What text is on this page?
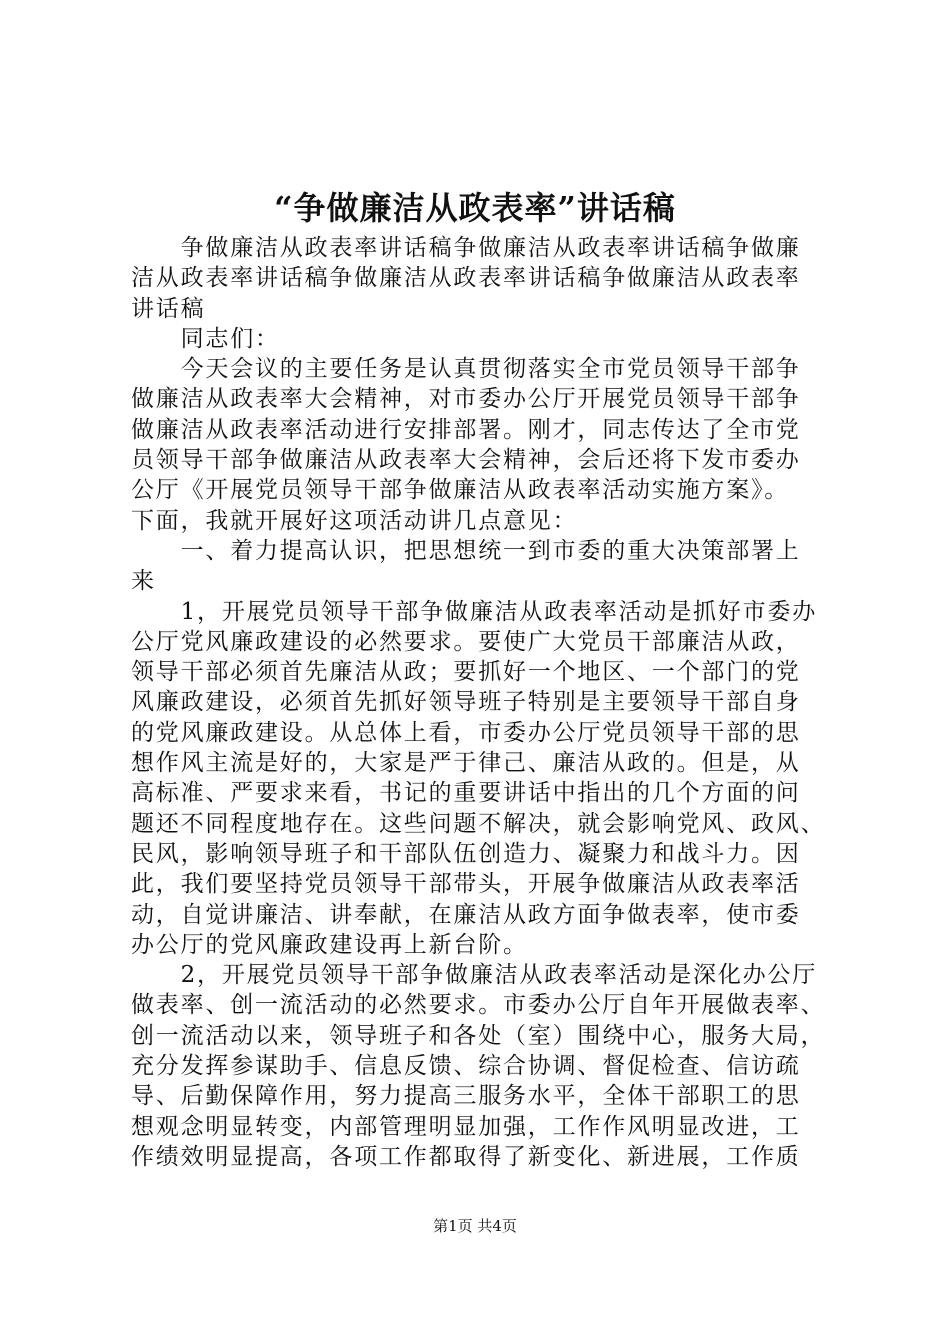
“争做廉洁从政表率”讲话稿
　　争做廉洁从政表率讲话稿争做廉洁从政表率讲话稿争做廉
洁从政表率讲话稿争做廉洁从政表率讲话稿争做廉洁从政表率
讲话稿
　　同志们：
　　今天会议的主要任务是认真贯彻落实全市党员领导干部争
做廉洁从政表率大会精神，对市委办公厅开展党员领导干部争
做廉洁从政表率活动进行安排部署。刚才，同志传达了全市党
员领导干部争做廉洁从政表率大会精神，会后还将下发市委办
公厅《开展党员领导干部争做廉洁从政表率活动实施方案》。
下面，我就开展好这项活动讲几点意见：
　　一、着力提高认识，把思想统一到市委的重大决策部署上
来
　　1，开展党员领导干部争做廉洁从政表率活动是抓好市委办
公厅党风廉政建设的必然要求。要使广大党员干部廉洁从政，
领导干部必须首先廉洁从政；要抓好一个地区、一个部门的党
风廉政建设，必须首先抓好领导班子特别是主要领导干部自身
的党风廉政建设。从总体上看，市委办公厅党员领导干部的思
想作风主流是好的，大家是严于律己、廉洁从政的。但是，从
高标准、严要求来看，书记的重要讲话中指出的几个方面的问
题还不同程度地存在。这些问题不解决，就会影响党风、政风、
民风，影响领导班子和干部队伍创造力、凝聚力和战斗力。因
此，我们要坚持党员领导干部带头，开展争做廉洁从政表率活
动，自觉讲廉洁、讲奉献，在廉洁从政方面争做表率，使市委
办公厅的党风廉政建设再上新台阶。
　　2，开展党员领导干部争做廉洁从政表率活动是深化办公厅
做表率、创一流活动的必然要求。市委办公厅自年开展做表率、
创一流活动以来，领导班子和各处（室）围绕中心，服务大局，
充分发挥参谋助手、信息反馈、综合协调、督促检查、信访疏
导、后勤保障作用，努力提高三服务水平，全体干部职工的思
想观念明显转变，内部管理明显加强，工作作风明显改进，工
作绩效明显提高，各项工作都取得了新变化、新进展，工作质
第1页 共4页
